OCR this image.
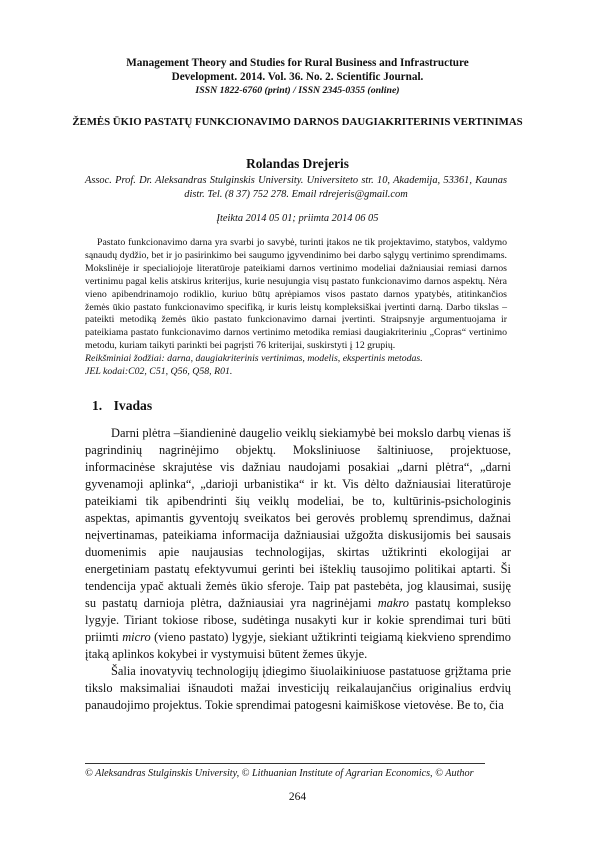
Management Theory and Studies for Rural Business and Infrastructure
Development. 2014. Vol. 36. No. 2. Scientific Journal.
ISSN 1822-6760 (print) / ISSN 2345-0355 (online)
ŽEMĖS ŪKIO PASTATŲ FUNKCIONAVIMO DARNOS DAUGIAKRITERINIS VERTINIMAS
Rolandas Drejeris
Assoc. Prof. Dr. Aleksandras Stulginskis University. Universiteto str. 10, Akademija, 53361, Kaunas distr. Tel. (8 37) 752 278. Email rdrejeris@gmail.com
Įteikta 2014 05 01; priimta 2014 06 05

Pastato funkcionavimo darna yra svarbi jo savybė, turinti įtakos ne tik projektavimo, statybos, valdymo sąnaudų dydžio, bet ir jo pasirinkimo bei saugumo įgyvendinimo bei darbo sąlygų vertinimo sprendimams. Mokslinėje ir specialiojoje literatūroje pateikiami darnos vertinimo modeliai dažniausiai remiasi darnos vertinimu pagal kelis atskirus kriterijus, kurie nesujungia visų pastato funkcionavimo darnos aspektų. Nėra vieno apibendrinamojo rodiklio, kuriuo būtų aprėpiamos visos pastato darnos ypatybės, atitinkančios žemės ūkio pastato funkcionavimo specifiką, ir kuris leistų kompleksiškai įvertinti darną. Darbo tikslas – pateikti metodiką žemės ūkio pastato funkcionavimo darnai įvertinti. Straipsnyje argumentuojama ir pateikiama pastato funkcionavimo darnos vertinimo metodika remiasi daugiakriteriniu „Copras“ vertinimo metodu, kuriam taikyti parinkti bei pagrįsti 76 kriterijai, suskirstyti į 12 grupių.

Reikšminiai žodžiai: darna, daugiakriterinis vertinimas, modelis, ekspertinis metodas.

JEL kodai:C02, C51, Q56, Q58, R01.

1. Ivadas

Darni plėtra –šiandieninė daugelio veiklų siekiamybė bei mokslo darbų vienas iš pagrindinių nagrinėjimo objektų. Moksliniuose šaltiniuose, projektuose, informacinėse skrajutėse vis dažniau naudojami posakiai „darni plėtra“, „darni gyvenamoji aplinka“, „darioji urbanistika“ ir kt. Vis dėlto dažniausiai literatūroje pateikiami tik apibendrinti šių veiklų modeliai, be to, kultūrinis-psichologinis aspektas, apimantis gyventojų sveikatos bei gerovės problemų sprendimus, dažnai neįvertinamas, pateikiama informacija dažniausiai užgožta diskusijomis bei sausais duomenimis apie naujausias technologijas, skirtas užtikrinti ekologijai ar energetiniam pastatų efektyvumui gerinti bei išteklių tausojimo politikai aptarti. Ši tendencija ypač aktuali žemės ūkio sferoje. Taip pat pastebėta, jog klausimai, susiję su pastatų darnioja plėtra, dažniausiai yra nagrinėjami makro pastatų komplekso lygyje. Tiriant tokiose ribose, sudėtinga nusakyti kur ir kokie sprendimai turi būti priimti micro (vieno pastato) lygyje, siekiant užtikrinti teigiamą kiekvieno sprendimo įtaką aplinkos kokybei ir vystymuisi būtent žemes ūkyje.

Šalia inovatyvių technologijų įdiegimo šiuolaikiniuose pastatuose grįžtama prie tikslo maksimaliai išnaudoti mažai investicijų reikalaujančius originalius erdvių panaudojimo projektus. Tokie sprendimai patogesni kaimiškose vietovėse. Be to, čia

© Aleksandras Stulginskis University, © Lithuanian Institute of Agrarian Economics, © Author
264
